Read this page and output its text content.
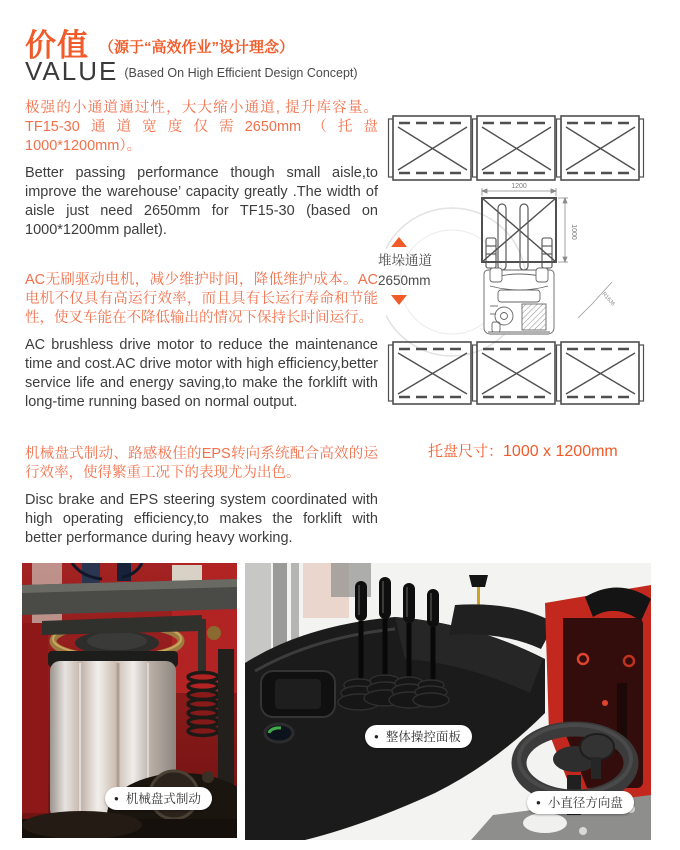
价值 （源于“高效作业”设计理念）
VALUE (Based On High Efficient Design Concept)

极强的小通道通过性，大大缩小通道, 提升库容量。TF15-30通道宽度仅需2650mm（托盘1000*1200mm）。

Better passing performance though small aisle,to improve the warehouse’ capacity greatly .The width of aisle just need 2650mm for TF15-30 (based on 1000*1200mm pallet).

AC无刷驱动电机，减少维护时间，降低维护成本。AC电机不仅具有高运行效率，而且具有长运行寿命和节能性，使叉车能在不降低输出的情况下保持长时间运行。

AC brushless drive motor to reduce the maintenance time and cost.AC drive motor with high efficiency,better service life and energy saving,to make the forklift with long-time running based on normal output.

机械盘式制动、路感极佳的EPS转向系统配合高效的运行效率，使得繁重工况下的表现尤为出色。

Disc brake and EPS steering system coordinated with high operating efficiency,to makes the forklift with better performance during heavy working.

1200
1000
R1636
堆垛通道
2650mm
托盘尺寸：1000 x 1200mm
● 机械盘式制动
● 整体操控面板
● 小直径方向盘
